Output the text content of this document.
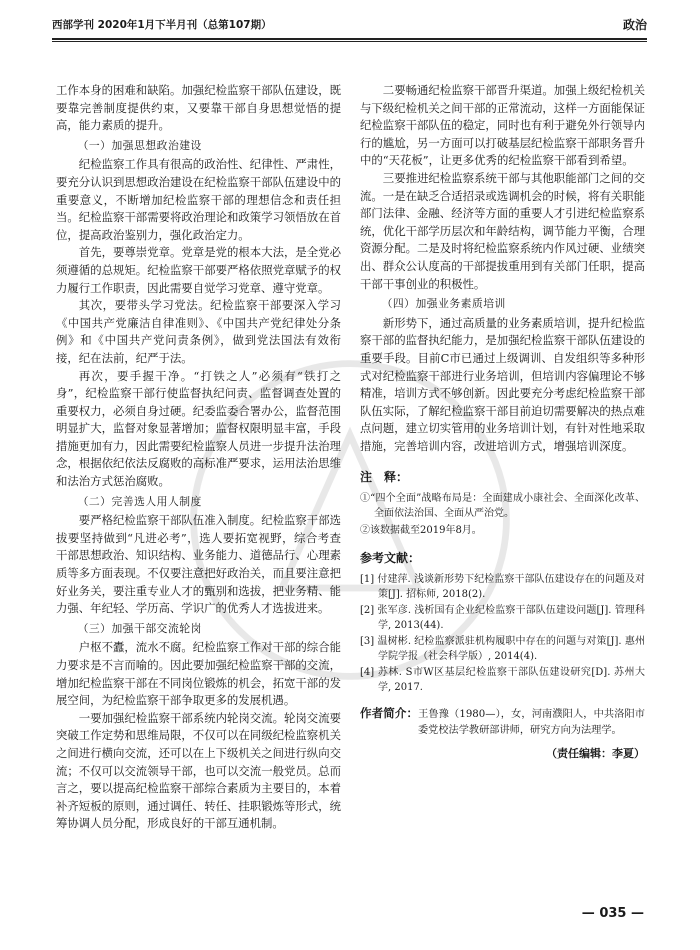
西部学刊 2020年1月下半月刊（总第107期）	政治

工作本身的困难和缺陷。加强纪检监察干部队伍建设，既要靠完善制度提供约束，又要靠干部自身思想觉悟的提高，能力素质的提升。

（一）加强思想政治建设

纪检监察工作具有很高的政治性、纪律性、严肃性，要充分认识到思想政治建设在纪检监察干部队伍建设中的重要意义，不断增加纪检监察干部的理想信念和责任担当。纪检监察干部需要将政治理论和政策学习领悟放在首位，提高政治鉴别力，强化政治定力。

首先，要尊崇党章。党章是党的根本大法，是全党必须遵循的总规矩。纪检监察干部要严格依照党章赋予的权力履行工作职责，因此需要自觉学习党章、遵守党章。

其次，要带头学习党法。纪检监察干部要深入学习《中国共产党廉洁自律准则》、《中国共产党纪律处分条例》和《中国共产党问责条例》，做到党法国法有效衔接，纪在法前，纪严于法。

再次，要手握干净。“打铁之人”必须有“铁打之身”，纪检监察干部行使监督执纪问责、监督调查处置的重要权力，必须自身过硬。纪委监委合署办公，监督范围明显扩大，监督对象显著增加；监督权限明显丰富，手段措施更加有力，因此需要纪检监察人员进一步提升法治理念，根据依纪依法反腐败的高标准严要求，运用法治思维和法治方式惩治腐败。

（二）完善选人用人制度

要严格纪检监察干部队伍准入制度。纪检监察干部选拔要坚持做到“凡进必考”，选人要拓宽视野，综合考查干部思想政治、知识结构、业务能力、道德品行、心理素质等多方面表现。不仅要注意把好政治关，而且要注意把好业务关，要注重专业人才的甄别和选拔，把业务精、能力强、年纪轻、学历高、学识广的优秀人才选拔进来。

（三）加强干部交流轮岗

户枢不蠹，流水不腐。纪检监察工作对干部的综合能力要求是不言而喻的。因此要加强纪检监察干部的交流，增加纪检监察干部在不同岗位锻炼的机会，拓宽干部的发展空间，为纪检监察干部争取更多的发展机遇。

一要加强纪检监察干部系统内轮岗交流。轮岗交流要突破工作定势和思维局限，不仅可以在同级纪检监察机关之间进行横向交流，还可以在上下级机关之间进行纵向交流；不仅可以交流领导干部，也可以交流一般党员。总而言之，要以提高纪检监察干部综合素质为主要目的，本着补齐短板的原则，通过调任、转任、挂职锻炼等形式，统筹协调人员分配，形成良好的干部互通机制。

二要畅通纪检监察干部晋升渠道。加强上级纪检机关与下级纪检机关之间干部的正常流动，这样一方面能保证纪检监察干部队伍的稳定，同时也有利于避免外行领导内行的尴尬，另一方面可以打破基层纪检监察干部职务晋升中的“天花板”，让更多优秀的纪检监察干部看到希望。

三要推进纪检监察系统干部与其他职能部门之间的交流。一是在缺乏合适招录或选调机会的时候，将有关职能部门法律、金融、经济等方面的重要人才引进纪检监察系统，优化干部学历层次和年龄结构，调节能力平衡，合理资源分配。二是及时将纪检监察系统内作风过硬、业绩突出、群众公认度高的干部提拔重用到有关部门任职，提高干部干事创业的积极性。

（四）加强业务素质培训

新形势下，通过高质量的业务素质培训，提升纪检监察干部的监督执纪能力，是加强纪检监察干部队伍建设的重要手段。目前C市已通过上级调训、自发组织等多种形式对纪检监察干部进行业务培训，但培训内容偏理论不够精准，培训方式不够创新。因此要充分考虑纪检监察干部队伍实际，了解纪检监察干部目前迫切需要解决的热点难点问题，建立切实管用的业务培训计划，有针对性地采取措施，完善培训内容，改进培训方式，增强培训深度。

注　释：
①“四个全面”战略布局是：全面建成小康社会、全面深化改革、全面依法治国、全面从严治党。
②该数据截至2019年8月。
参考文献：
[1] 付建萍. 浅谈新形势下纪检监察干部队伍建设存在的问题及对策[J]. 招标师, 2018(2).
[2] 张军彦. 浅析国有企业纪检监察干部队伍建设问题[J]. 管理科学, 2013(44).
[3] 温树彬. 纪检监察派驻机构履职中存在的问题与对策[J]. 惠州学院学报（社会科学版）, 2014(4).
[4] 苏林. S市W区基层纪检监察干部队伍建设研究[D]. 苏州大学, 2017.
作者简介：王鲁豫（1980—），女，河南濮阳人，中共洛阳市委党校法学教研部讲师，研究方向为法理学。
（责任编辑：李夏）
— 035 —
